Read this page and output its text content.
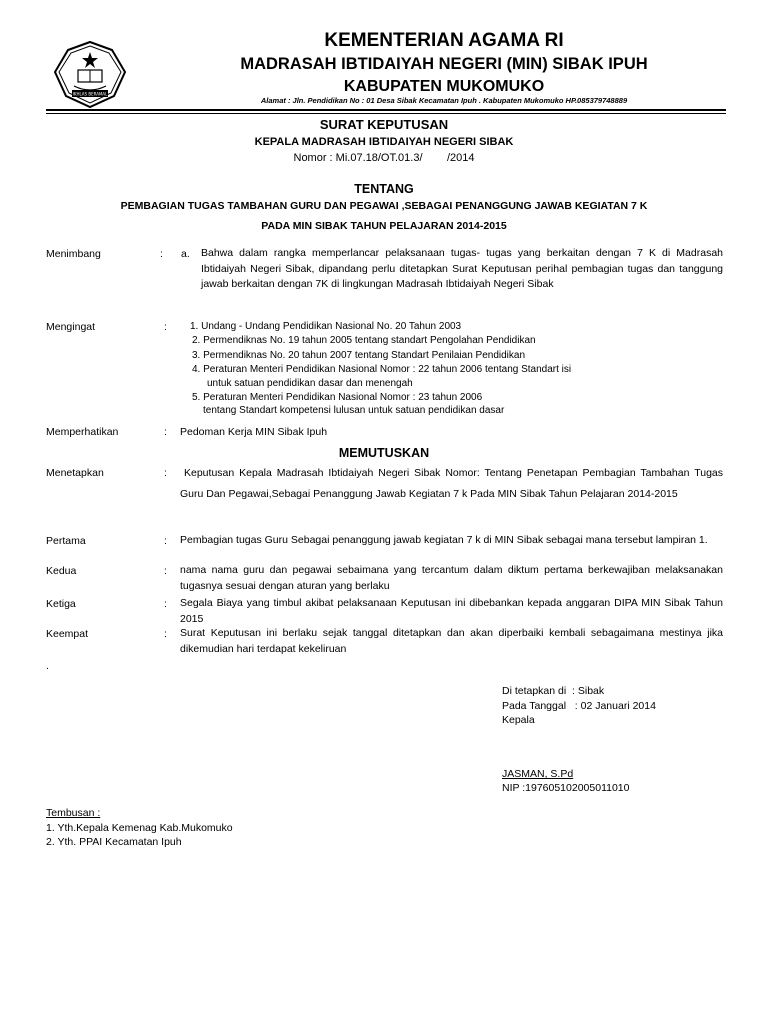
IKHLAS BERAMAL
KEMENTERIAN AGAMA RI
MADRASAH IBTIDAIYAH NEGERI (MIN) SIBAK IPUH
KABUPATEN MUKOMUKO
Alamat : Jln. Pendidikan No : 01 Desa Sibak Kecamatan Ipuh . Kabupaten Mukomuko HP.085379748889
SURAT KEPUTUSAN
KEPALA MADRASAH IBTIDAIYAH NEGERI SIBAK
Nomor : Mi.07.18/OT.01.3/        /2014
TENTANG
PEMBAGIAN TUGAS TAMBAHAN GURU DAN PEGAWAI ,SEBAGAI PENANGGUNG JAWAB KEGIATAN 7 K
PADA MIN SIBAK TAHUN PELAJARAN 2014-2015
Menimbang	: a. Bahwa dalam rangka memperlancar pelaksanaan tugas- tugas yang berkaitan dengan 7 K di Madrasah Ibtidaiyah Negeri Sibak, dipandang perlu ditetapkan Surat Keputusan perihal pembagian tugas dan tanggung jawab berkaitan dengan 7K di lingkungan Madrasah Ibtidaiyah Negeri Sibak
Mengingat	: 1. Undang - Undang Pendidikan Nasional No. 20 Tahun 2003
2. Permendiknas No. 19 tahun 2005 tentang standart Pengolahan Pendidikan
3. Permendiknas No. 20 tahun 2007 tentang Standart Penilaian Pendidikan
4. Peraturan Menteri Pendidikan Nasional Nomor : 22 tahun 2006 tentang Standart isi
untuk satuan pendidikan dasar dan menengah
5. Peraturan Menteri Pendidikan Nasional Nomor : 23 tahun 2006
tentang Standart kompetensi lulusan untuk satuan pendidikan dasar
Memperhatikan	: Pedoman Kerja MIN Sibak Ipuh
MEMUTUSKAN
Menetapkan	:	Keputusan Kepala Madrasah Ibtidaiyah Negeri Sibak Nomor: Tentang Penetapan Pembagian Tambahan Tugas Guru Dan Pegawai,Sebagai Penanggung Jawab Kegiatan 7 k Pada MIN Sibak Tahun Pelajaran 2014-2015
Pertama	: Pembagian tugas Guru Sebagai penanggung jawab kegiatan 7 k di MIN Sibak sebagai mana tersebut lampiran 1.
Kedua	: nama nama guru dan pegawai sebaimana yang tercantum dalam diktum pertama berkewajiban melaksanakan tugasnya sesuai dengan aturan yang berlaku
Ketiga	: Segala Biaya yang timbul akibat pelaksanaan Keputusan ini dibebankan kepada anggaran DIPA MIN Sibak Tahun 2015
Keempat	: Surat Keputusan ini berlaku sejak tanggal ditetapkan dan akan diperbaiki kembali sebagaimana mestinya jika dikemudian hari terdapat kekeliruan
.
Di tetapkan di  : Sibak
Pada Tanggal   : 02 Januari 2014
Kepala
JASMAN, S.Pd
NIP :197605102005011010
Tembusan :
1. Yth.Kepala Kemenag Kab.Mukomuko
2. Yth. PPAI Kecamatan Ipuh
